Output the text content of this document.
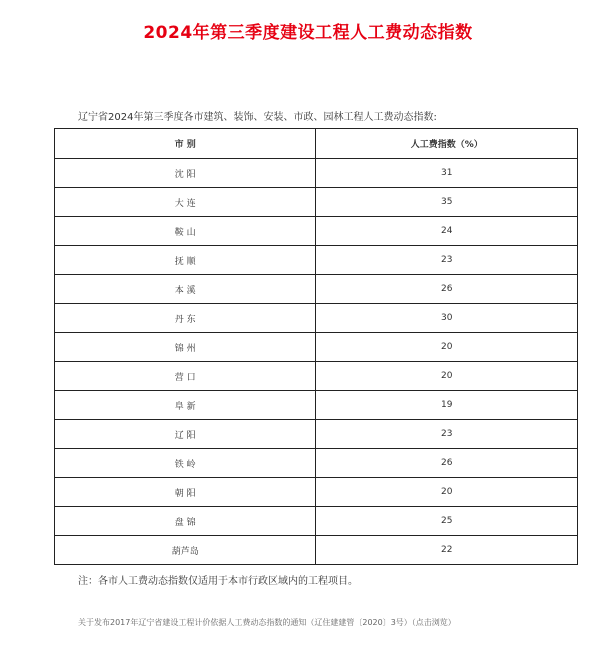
2024年第三季度建设工程人工费动态指数
辽宁省2024年第三季度各市建筑、装饰、安装、市政、园林工程人工费动态指数:
市 别	人工费指数（%）
沈 阳	31
大 连	35
鞍 山	24
抚 顺	23
本 溪	26
丹 东	30
锦 州	20
营 口	20
阜 新	19
辽 阳	23
铁 岭	26
朝 阳	20
盘 锦	25
葫芦岛	22
注：各市人工费动态指数仅适用于本市行政区域内的工程项目。
关于发布2017年辽宁省建设工程计价依据人工费动态指数的通知（辽住建建管〔2020〕3号）（点击浏览）
